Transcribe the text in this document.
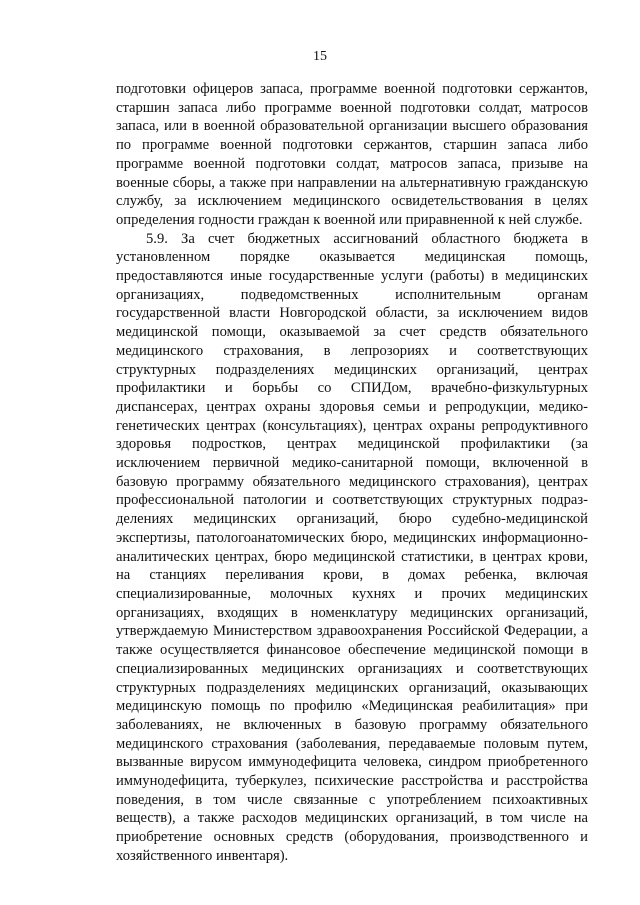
15

подготовки офицеров запаса, программе военной подготовки сержантов, старшин запаса либо программе военной подготовки солдат, матросов запаса, или в военной образовательной организации высшего образования по программе военной подготовки сержантов, старшин запаса либо программе военной подготовки солдат, матросов запаса, призыве на военные сборы, а также при направлении на альтернативную гражданскую службу, за исключением медицинского освидетельствования в целях определения годности граждан к военной или приравненной к ней службе.

5.9. За счет бюджетных ассигнований областного бюджета в установленном порядке оказывается медицинская помощь, предоставляются иные государственные услуги (работы) в медицинских организациях, подведомственных исполнительным органам государственной власти Новгородской области, за исключением видов медицинской помощи, оказываемой за счет средств обязательного медицинского страхования, в лепрозориях и соответствующих структурных подразделениях медицинских организаций, центрах профилактики и борьбы со СПИДом, врачебно-физкультурных диспансерах, центрах охраны здоровья семьи и репродукции, медико-генетических центрах (консультациях), центрах охраны репродуктивного здоровья подростков, центрах медицинской профилактики (за исключением первичной медико-санитарной помощи, включенной в базовую программу обязательного медицинского страхования), центрах профессиональной патологии и соответствующих структурных подразделениях медицинских организаций, бюро судебно-медицинской экспертизы, патологоанатомических бюро, медицинских информационно-аналитических центрах, бюро медицинской статистики, в центрах крови, на станциях переливания крови, в домах ребенка, включая специализированные, молочных кухнях и прочих медицинских организациях, входящих в номенклатуру медицинских организаций, утверждаемую Министерством здравоохранения Российской Федерации, а также осуществляется финансовое обеспечение медицинской помощи в специализированных медицинских организациях и соответствующих структурных подразделениях медицинских организаций, оказывающих медицинскую помощь по профилю «Медицинская реабилитация» при заболеваниях, не включенных в базовую программу обязательного медицинского страхования (заболевания, передаваемые половым путем, вызванные вирусом иммунодефицита человека, синдром приобретенного иммунодефицита, туберкулез, психические расстройства и расстройства поведения, в том числе связанные с употреблением психоактивных веществ), а также расходов медицинских организаций, в том числе на приобретение основных средств (оборудования, производственного и хозяйственного инвентаря).
